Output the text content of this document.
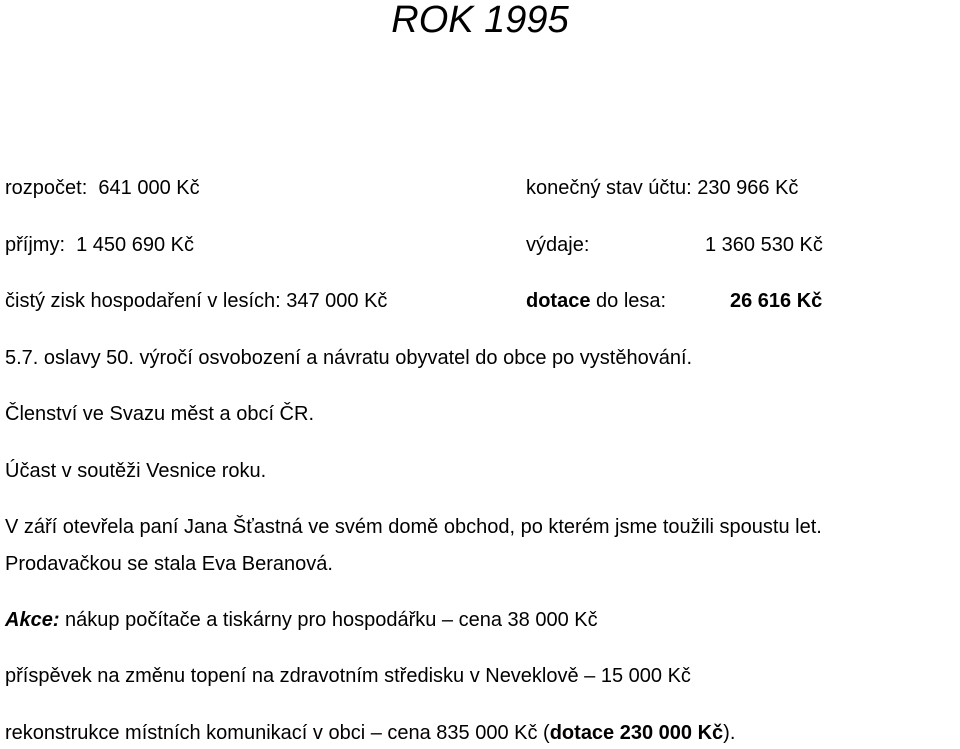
ROK 1995
rozpočet: 641 000 Kč	konečný stav účtu: 230 966 Kč
příjmy: 1 450 690 Kč	výdaje:	1 360 530 Kč
čistý zisk hospodaření v lesích: 347 000 Kč	dotace do lesa:	26 616 Kč
5.7. oslavy 50. výročí osvobození a návratu obyvatel do obce po vystěhování.
Členství ve Svazu měst a obcí ČR.
Účast v soutěži Vesnice roku.
V září otevřela paní Jana Šťastná ve svém domě obchod, po kterém jsme toužili spoustu let.
Prodavačkou se stala Eva Beranová.
Akce: nákup počítače a tiskárny pro hospodářku – cena 38 000 Kč
příspěvek na změnu topení na zdravotním středisku v Neveklově – 15 000 Kč
rekonstrukce místních komunikací v obci – cena 835 000 Kč (dotace 230 000 Kč).
